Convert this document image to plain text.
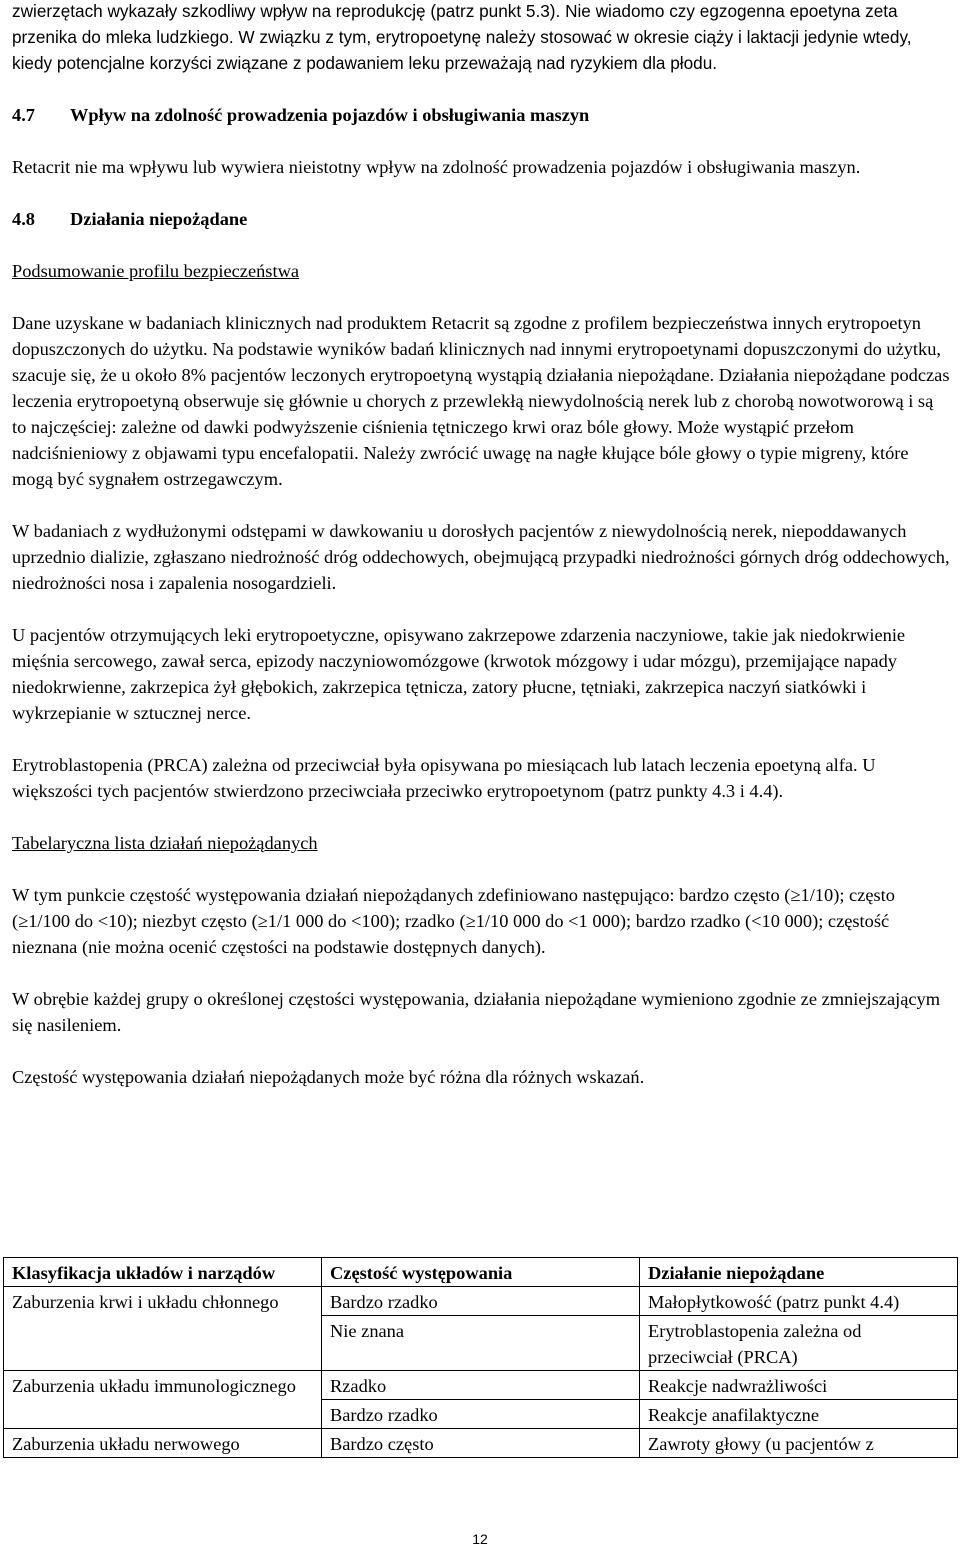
zwierzętach wykazały szkodliwy wpływ na reprodukcję (patrz punkt 5.3). Nie wiadomo czy egzogenna epoetyna zeta przenika do mleka ludzkiego. W związku z tym, erytropoetynę należy stosować w okresie ciąży i laktacji jedynie wtedy, kiedy potencjalne korzyści związane z podawaniem leku przeważają nad ryzykiem dla płodu.

4.7 Wpływ na zdolność prowadzenia pojazdów i obsługiwania maszyn

Retacrit nie ma wpływu lub wywiera nieistotny wpływ na zdolność prowadzenia pojazdów i obsługiwania maszyn.

4.8 Działania niepożądane

Podsumowanie profilu bezpieczeństwa

Dane uzyskane w badaniach klinicznych nad produktem Retacrit są zgodne z profilem bezpieczeństwa innych erytropoetyn dopuszczonych do użytku. Na podstawie wyników badań klinicznych nad innymi erytropoetynami dopuszczonymi do użytku, szacuje się, że u około 8% pacjentów leczonych erytropoetyną wystąpią działania niepożądane. Działania niepożądane podczas leczenia erytropoetyną obserwuje się głównie u chorych z przewlekłą niewydolnością nerek lub z chorobą nowotworową i są to najczęściej: zależne od dawki podwyższenie ciśnienia tętniczego krwi oraz bóle głowy. Może wystąpić przełom nadciśnieniowy z objawami typu encefalopatii. Należy zwrócić uwagę na nagłe kłujące bóle głowy o typie migreny, które mogą być sygnałem ostrzegawczym.

W badaniach z wydłużonymi odstępami w dawkowaniu u dorosłych pacjentów z niewydolnością nerek, niepoddawanych uprzednio dializie, zgłaszano niedrożność dróg oddechowych, obejmującą przypadki niedrożności górnych dróg oddechowych, niedrożności nosa i zapalenia nosogardzieli.

U pacjentów otrzymujących leki erytropoetyczne, opisywano zakrzepowe zdarzenia naczyniowe, takie jak niedokrwienie mięśnia sercowego, zawał serca, epizody naczyniowomózgowe (krwotok mózgowy i udar mózgu), przemijające napady niedokrwienne, zakrzepica żył głębokich, zakrzepica tętnicza, zatory płucne, tętniaki, zakrzepica naczyń siatkówki i wykrzepianie w sztucznej nerce.

Erytroblastopenia (PRCA) zależna od przeciwciał była opisywana po miesiącach lub latach leczenia epoetyną alfa. U większości tych pacjentów stwierdzono przeciwciała przeciwko erytropoetynom (patrz punkty 4.3 i 4.4).

Tabelaryczna lista działań niepożądanych

W tym punkcie częstość występowania działań niepożądanych zdefiniowano następująco: bardzo często (≥1/10); często (≥1/100 do <10); niezbyt często (≥1/1 000 do <100); rzadko (≥1/10 000 do <1 000); bardzo rzadko (<10 000); częstość nieznana (nie można ocenić częstości na podstawie dostępnych danych).

W obrębie każdej grupy o określonej częstości występowania, działania niepożądane wymieniono zgodnie ze zmniejszającym się nasileniem.

Częstość występowania działań niepożądanych może być różna dla różnych wskazań.

Klasyfikacja układów i narządów	Częstość występowania	Działanie niepożądane
Zaburzenia krwi i układu chłonnego	Bardzo rzadko	Małopłytkowość (patrz punkt 4.4)
	Nie znana	Erytroblastopenia zależna od przeciwciał (PRCA)
Zaburzenia układu immunologicznego	Rzadko	Reakcje nadwrażliwości
	Bardzo rzadko	Reakcje anafilaktyczne
Zaburzenia układu nerwowego	Bardzo często	Zawroty głowy (u pacjentów z
12
